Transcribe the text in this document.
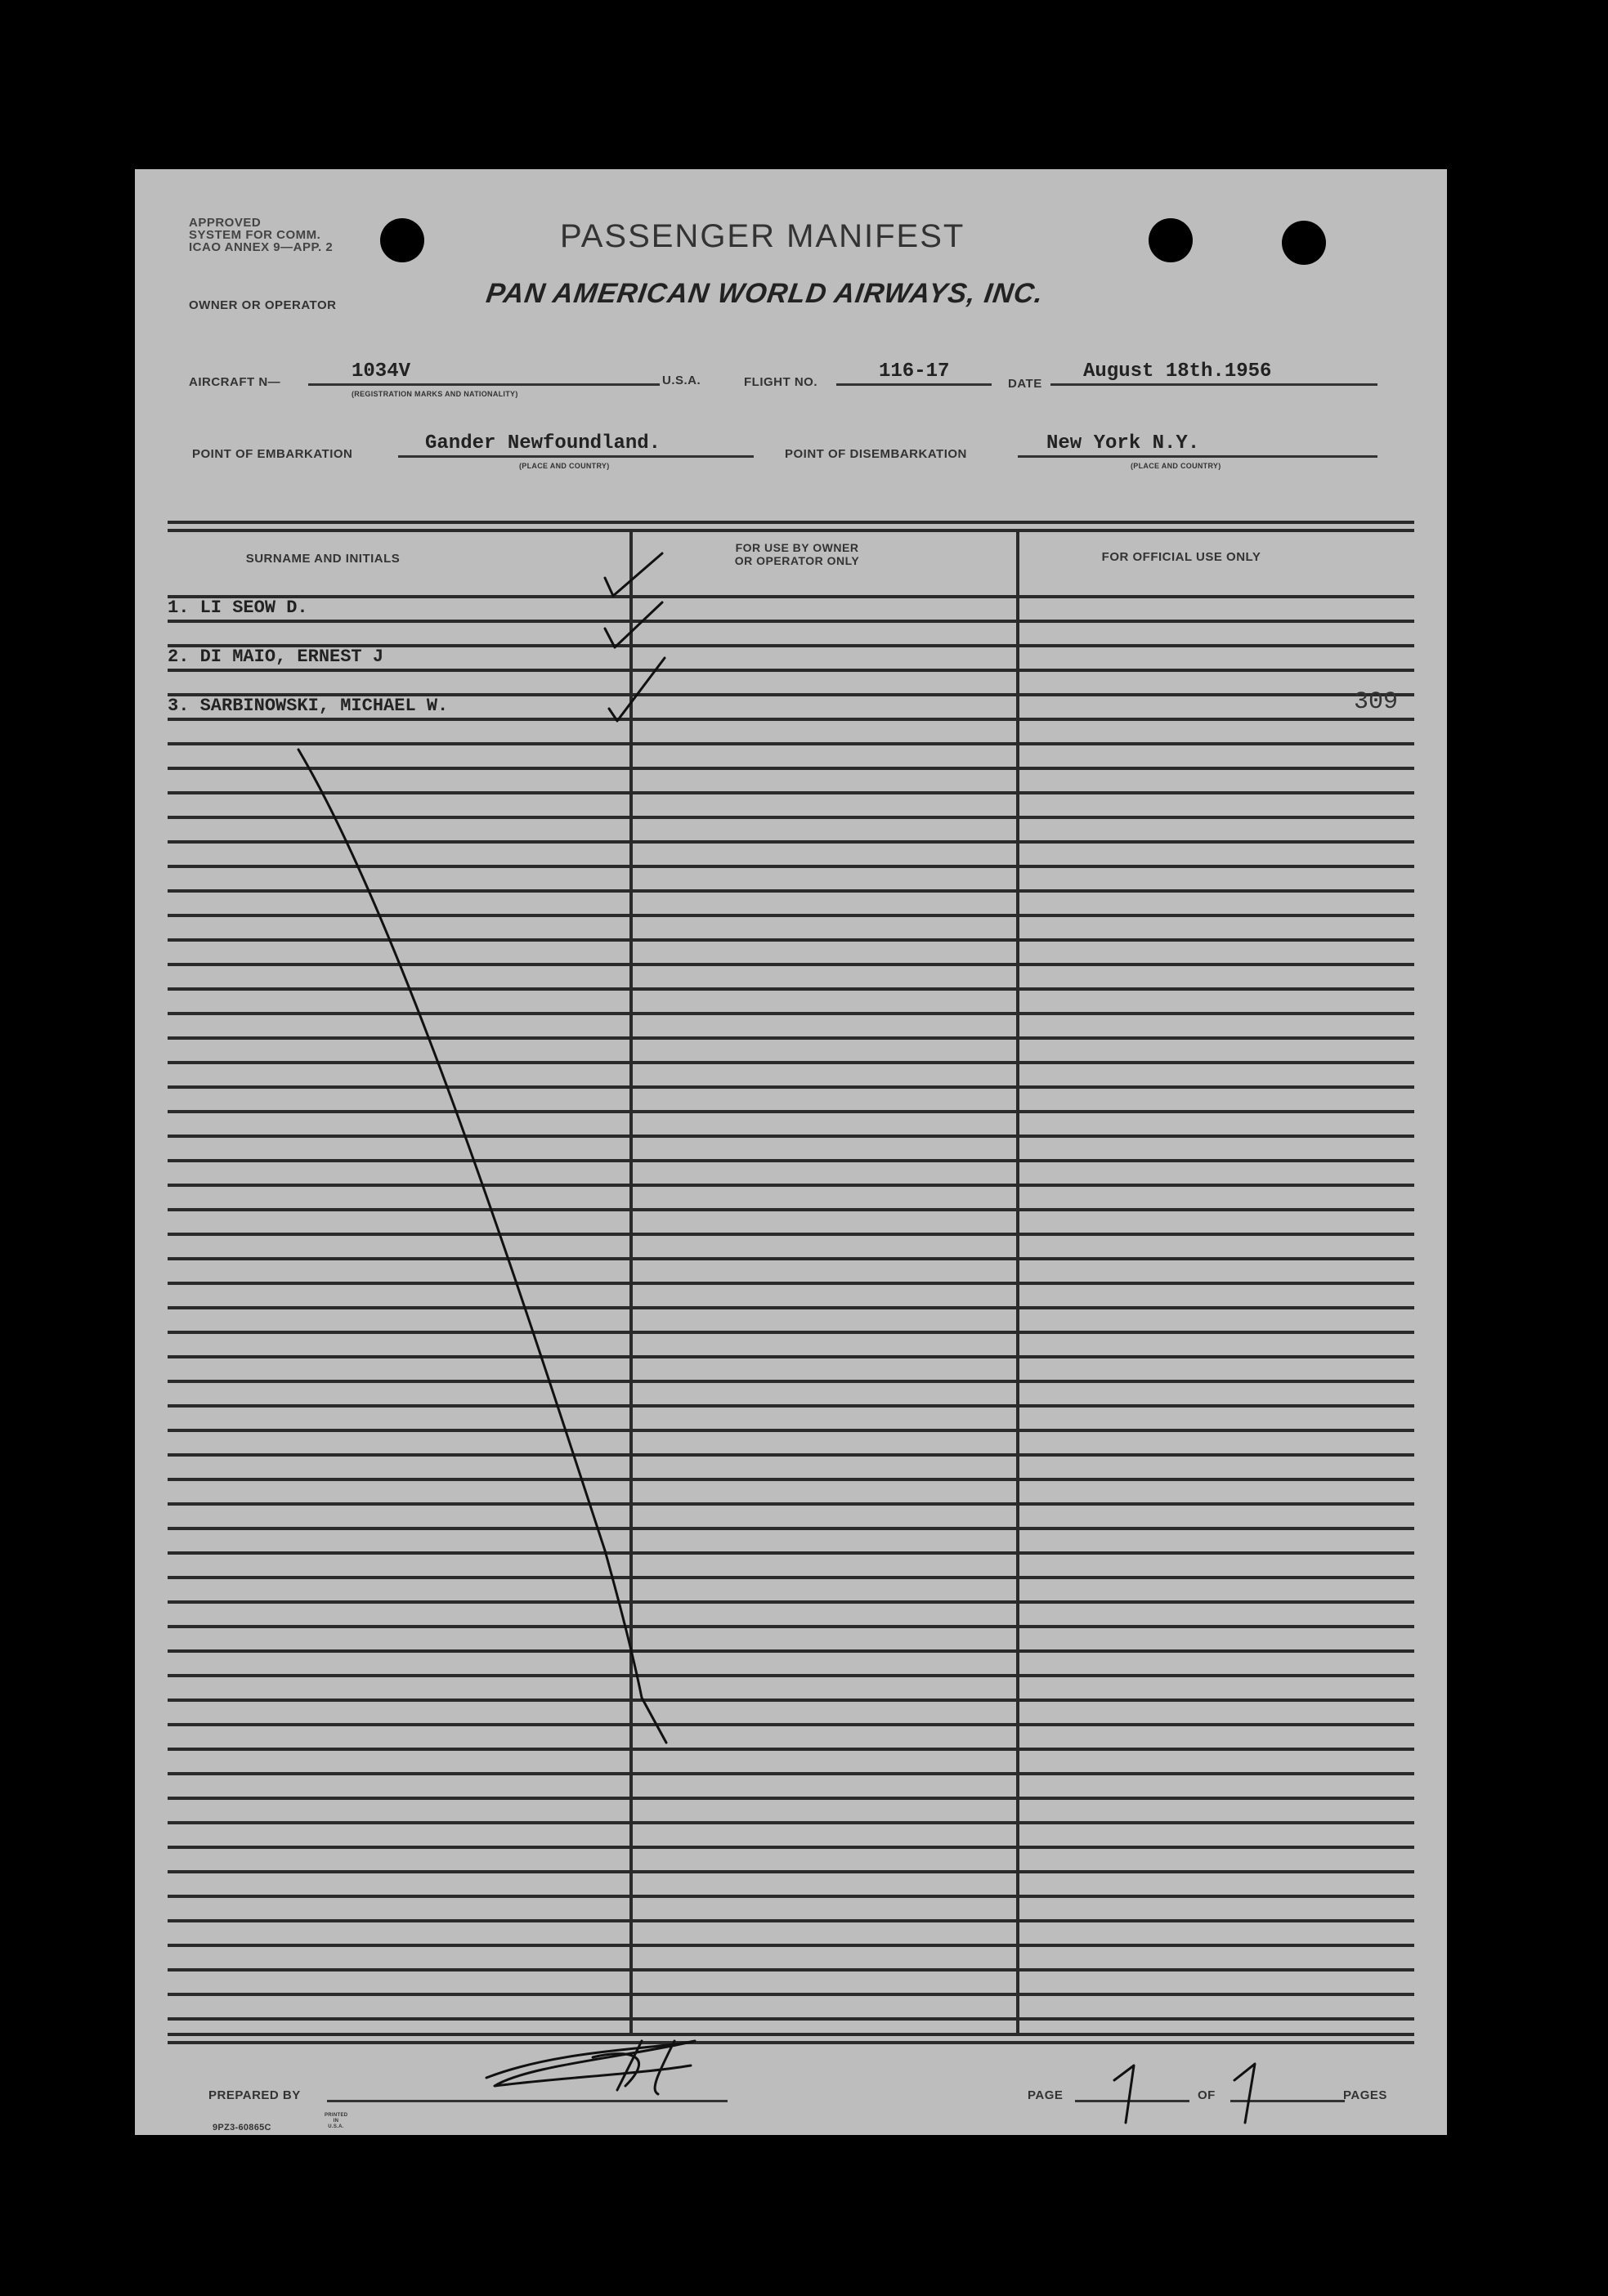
APPROVED
SYSTEM FOR COMM.
ICAO ANNEX 9—APP. 2	PASSENGER MANIFEST
OWNER OR OPERATOR	PAN AMERICAN WORLD AIRWAYS, INC.
AIRCRAFT N—	1034V
(REGISTRATION MARKS AND NATIONALITY)
U.S.A.	FLIGHT NO.	116-17
DATE
August 18th.1956
POINT OF EMBARKATION	Gander Newfoundland.
(PLACE AND COUNTRY)
POINT OF DISEMBARKATION	New York N.Y.
(PLACE AND COUNTRY)
SURNAME AND INITIALS
FOR USE BY OWNER
OR OPERATOR ONLY	FOR OFFICIAL USE ONLY
1. LI SEOW D.
2. DI MAIO, ERNEST J
3. SARBINOWSKI, MICHAEL W.	309
PREPARED BY	PAGE	OF	PAGES
9PZ3-60865C
PRINTED IN U.S.A.
